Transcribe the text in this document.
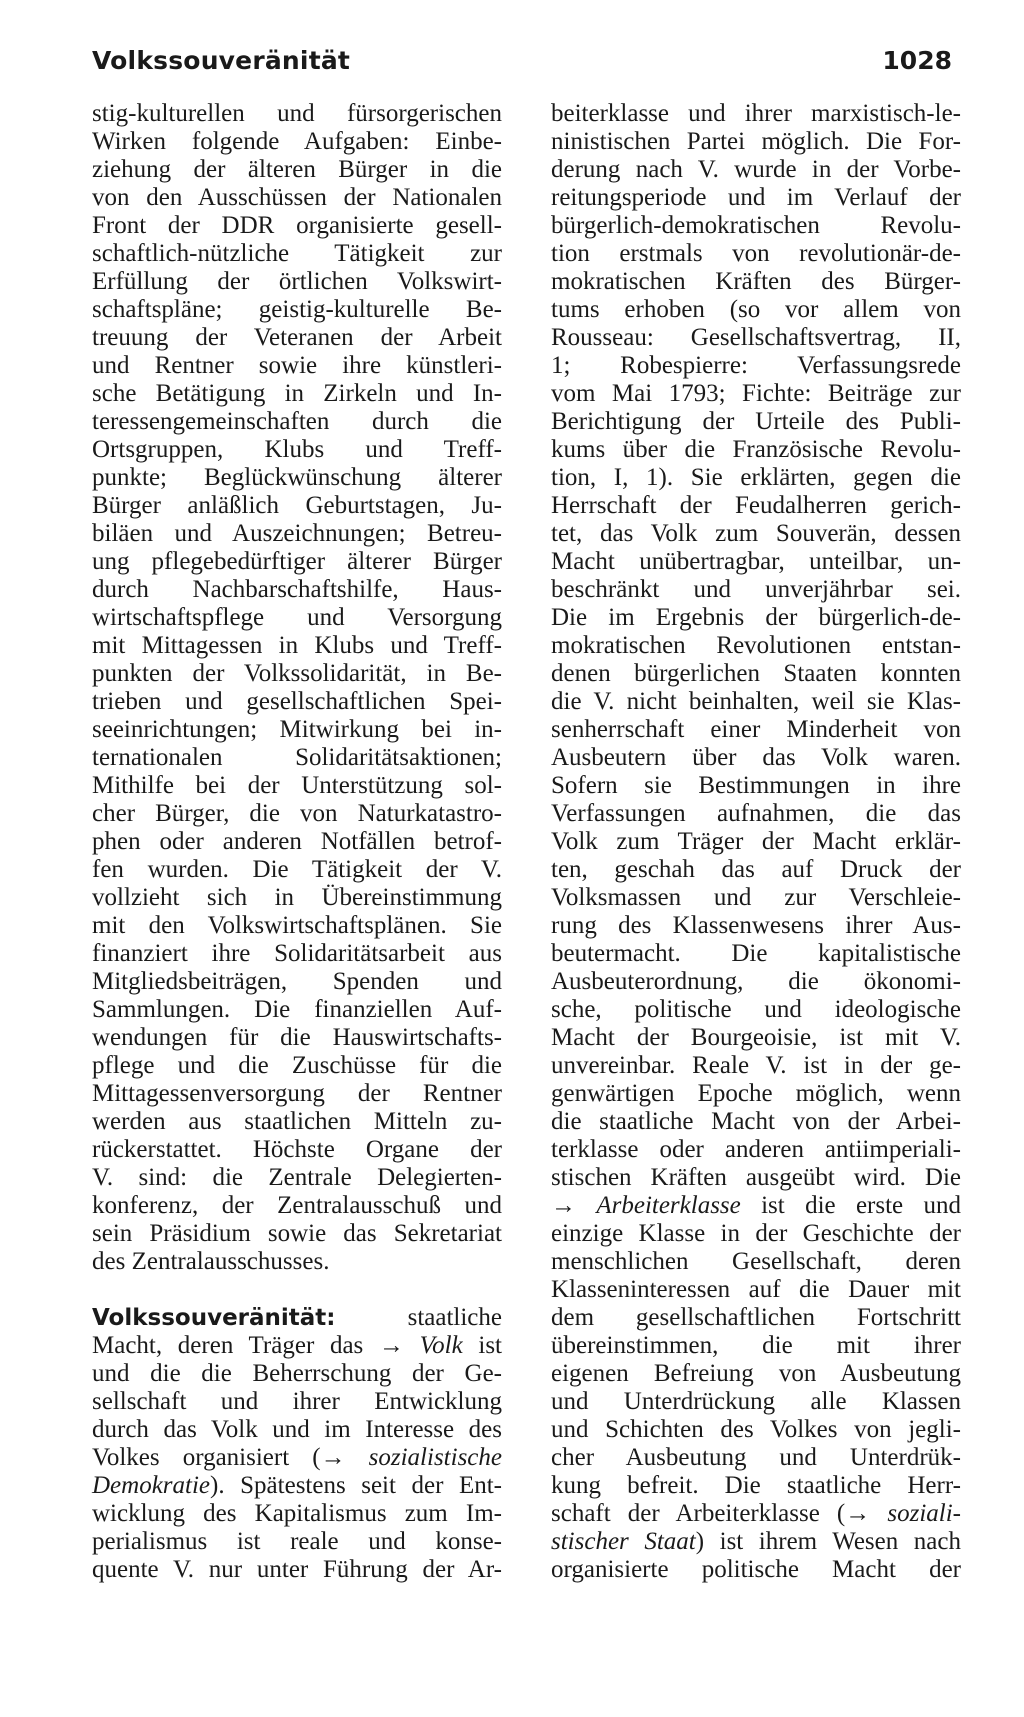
Volkssouveränität	1028
stig-kulturellen und fürsorgerischen
Wirken folgende Aufgaben: Einbe-
ziehung der älteren Bürger in die
von den Ausschüssen der Nationalen
Front der DDR organisierte gesell-
schaftlich-nützliche Tätigkeit zur
Erfüllung der örtlichen Volkswirt-
schaftspläne; geistig-kulturelle Be-
treuung der Veteranen der Arbeit
und Rentner sowie ihre künstleri-
sche Betätigung in Zirkeln und In-
teressengemeinschaften durch die
Ortsgruppen, Klubs und Treff-
punkte; Beglückwünschung älterer
Bürger anläßlich Geburtstagen, Ju-
biläen und Auszeichnungen; Betreu-
ung pflegebedürftiger älterer Bürger
durch Nachbarschaftshilfe, Haus-
wirtschaftspflege und Versorgung
mit Mittagessen in Klubs und Treff-
punkten der Volkssolidarität, in Be-
trieben und gesellschaftlichen Spei-
seeinrichtungen; Mitwirkung bei in-
ternationalen Solidaritätsaktionen;
Mithilfe bei der Unterstützung sol-
cher Bürger, die von Naturkatastro-
phen oder anderen Notfällen betrof-
fen wurden. Die Tätigkeit der V.
vollzieht sich in Übereinstimmung
mit den Volkswirtschaftsplänen. Sie
finanziert ihre Solidaritätsarbeit aus
Mitgliedsbeiträgen, Spenden und
Sammlungen. Die finanziellen Auf-
wendungen für die Hauswirtschafts-
pflege und die Zuschüsse für die
Mittagessenversorgung der Rentner
werden aus staatlichen Mitteln zu-
rückerstattet. Höchste Organe der
V. sind: die Zentrale Delegierten-
konferenz, der Zentralausschuß und
sein Präsidium sowie das Sekretariat
des Zentralausschusses.
Volkssouveränität:	staatliche
Macht, deren Träger das → Volk ist
und die die Beherrschung der Ge-
sellschaft und ihrer Entwicklung
durch das Volk und im Interesse des
Volkes organisiert (→ sozialistische
Demokratie). Spätestens seit der Ent-
wicklung des Kapitalismus zum Im-
perialismus ist reale und konse-
quente V. nur unter Führung der Ar-
beiterklasse und ihrer marxistisch-le-
ninistischen Partei möglich. Die For-
derung nach V. wurde in der Vorbe-
reitungsperiode und im Verlauf der
bürgerlich-demokratischen Revolu-
tion erstmals von revolutionär-de-
mokratischen Kräften des Bürger-
tums erhoben (so vor allem von
Rousseau: Gesellschaftsvertrag, II,
1; Robespierre: Verfassungsrede
vom Mai 1793; Fichte: Beiträge zur
Berichtigung der Urteile des Publi-
kums über die Französische Revolu-
tion, I, 1). Sie erklärten, gegen die
Herrschaft der Feudalherren gerich-
tet, das Volk zum Souverän, dessen
Macht unübertragbar, unteilbar, un-
beschränkt und unverjährbar sei.
Die im Ergebnis der bürgerlich-de-
mokratischen Revolutionen entstan-
denen bürgerlichen Staaten konnten
die V. nicht beinhalten, weil sie Klas-
senherrschaft einer Minderheit von
Ausbeutern über das Volk waren.
Sofern sie Bestimmungen in ihre
Verfassungen aufnahmen, die das
Volk zum Träger der Macht erklär-
ten, geschah das auf Druck der
Volksmassen und zur Verschleie-
rung des Klassenwesens ihrer Aus-
beutermacht. Die kapitalistische
Ausbeuterordnung, die ökonomi-
sche, politische und ideologische
Macht der Bourgeoisie, ist mit V.
unvereinbar. Reale V. ist in der ge-
genwärtigen Epoche möglich, wenn
die staatliche Macht von der Arbei-
terklasse oder anderen antiimperiali-
stischen Kräften ausgeübt wird. Die
→ Arbeiterklasse ist die erste und
einzige Klasse in der Geschichte der
menschlichen Gesellschaft, deren
Klasseninteressen auf die Dauer mit
dem gesellschaftlichen Fortschritt
übereinstimmen, die mit ihrer
eigenen Befreiung von Ausbeutung
und Unterdrückung alle Klassen
und Schichten des Volkes von jegli-
cher Ausbeutung und Unterdrük-
kung befreit. Die staatliche Herr-
schaft der Arbeiterklasse (→ soziali-
stischer Staat) ist ihrem Wesen nach
organisierte politische Macht der
